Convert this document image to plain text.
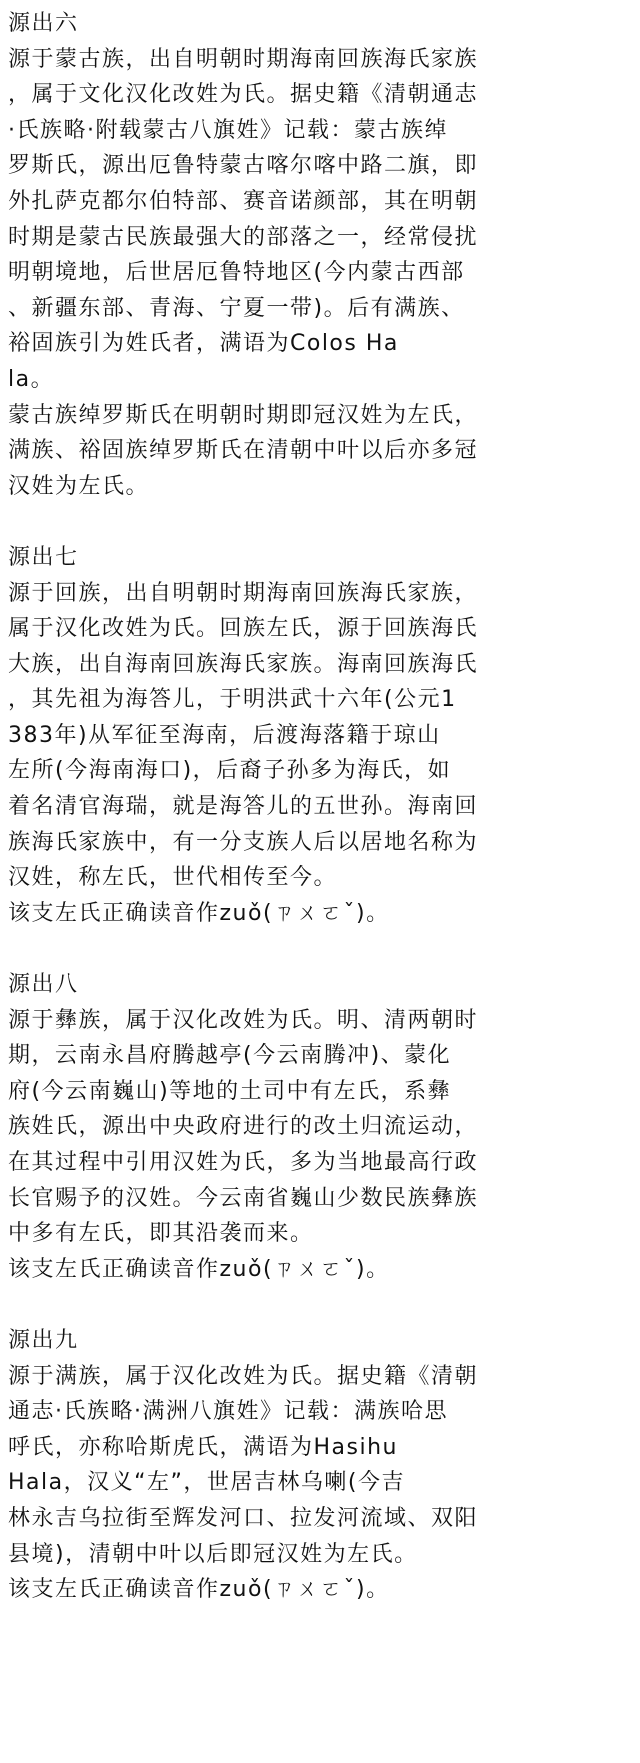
源出六
源于蒙古族，出自明朝时期海南回族海氏家族
，属于文化汉化改姓为氏。据史籍《清朝通志
·氏族略·附载蒙古八旗姓》记载：蒙古族绰
罗斯氏，源出厄鲁特蒙古喀尔喀中路二旗，即
外扎萨克都尔伯特部、赛音诺颜部，其在明朝
时期是蒙古民族最强大的部落之一，经常侵扰
明朝境地，后世居厄鲁特地区(今内蒙古西部
、新疆东部、青海、宁夏一带)。后有满族、
裕固族引为姓氏者，满语为Colos Ha
la。
蒙古族绰罗斯氏在明朝时期即冠汉姓为左氏，
满族、裕固族绰罗斯氏在清朝中叶以后亦多冠
汉姓为左氏。
源出七
源于回族，出自明朝时期海南回族海氏家族，
属于汉化改姓为氏。回族左氏，源于回族海氏
大族，出自海南回族海氏家族。海南回族海氏
，其先祖为海答儿，于明洪武十六年(公元1
383年)从军征至海南，后渡海落籍于琼山
左所(今海南海口)，后裔子孙多为海氏，如
着名清官海瑞，就是海答儿的五世孙。海南回
族海氏家族中，有一分支族人后以居地名称为
汉姓，称左氏，世代相传至今。
该支左氏正确读音作zuǒ(ㄗㄨㄛˇ)。
源出八
源于彝族，属于汉化改姓为氏。明、清两朝时
期，云南永昌府腾越亭(今云南腾冲)、蒙化
府(今云南巍山)等地的土司中有左氏，系彝
族姓氏，源出中央政府进行的改土归流运动，
在其过程中引用汉姓为氏，多为当地最高行政
长官赐予的汉姓。今云南省巍山少数民族彝族
中多有左氏，即其沿袭而来。
该支左氏正确读音作zuǒ(ㄗㄨㄛˇ)。
源出九
源于满族，属于汉化改姓为氏。据史籍《清朝
通志·氏族略·满洲八旗姓》记载：满族哈思
呼氏，亦称哈斯虎氏，满语为Hasihu
Hala，汉义“左”，世居吉林乌喇(今吉
林永吉乌拉街至辉发河口、拉发河流域、双阳
县境)，清朝中叶以后即冠汉姓为左氏。
该支左氏正确读音作zuǒ(ㄗㄨㄛˇ)。
